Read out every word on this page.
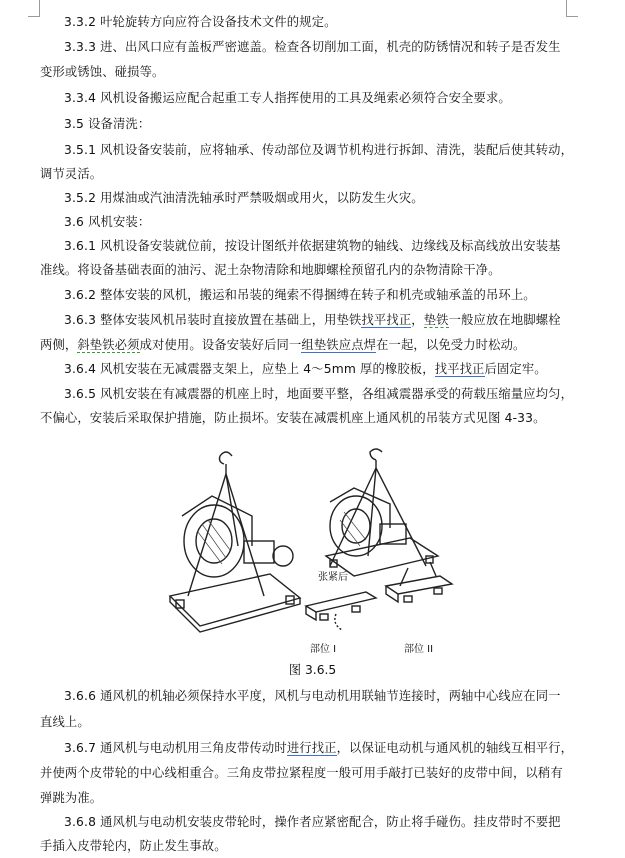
3.3.2 叶轮旋转方向应符合设备技术文件的规定。
3.3.3 进、出风口应有盖板严密遮盖。检查各切削加工面，机壳的防锈情况和转子是否发生
变形或锈蚀、碰损等。
3.3.4 风机设备搬运应配合起重工专人指挥使用的工具及绳索必须符合安全要求。
3.5 设备清洗：
3.5.1 风机设备安装前，应将轴承、传动部位及调节机构进行拆卸、清洗，装配后使其转动，
调节灵活。
3.5.2 用煤油或汽油清洗轴承时严禁吸烟或用火，以防发生火灾。
3.6 风机安装：
3.6.1 风机设备安装就位前，按设计图纸并依据建筑物的轴线、边缘线及标高线放出安装基
准线。将设备基础表面的油污、泥土杂物清除和地脚螺栓预留孔内的杂物清除干净。
3.6.2 整体安装的风机，搬运和吊装的绳索不得捆缚在转子和机壳或轴承盖的吊环上。
3.6.3 整体安装风机吊装时直接放置在基础上，用垫铁找平找正，垫铁一般应放在地脚螺栓
两侧，斜垫铁必须成对使用。设备安装好后同一组垫铁应点焊在一起，以免受力时松动。
3.6.4 风机安装在无减震器支架上，应垫上 4～5mm 厚的橡胶板，找平找正后固定牢。
3.6.5 风机安装在有减震器的机座上时，地面要平整，各组减震器承受的荷载压缩量应均匀，
不偏心，安装后采取保护措施，防止损坏。安装在减震机座上通风机的吊装方式见图 4-33。
张紧后
部位 I	部位 II
图 3.6.5
3.6.6 通风机的机轴必须保持水平度，风机与电动机用联轴节连接时，两轴中心线应在同一
直线上。
3.6.7 通风机与电动机用三角皮带传动时进行找正，以保证电动机与通风机的轴线互相平行，
并使两个皮带轮的中心线相重合。三角皮带拉紧程度一般可用手敲打已装好的皮带中间，以稍有
弹跳为准。
3.6.8 通风机与电动机安装皮带轮时，操作者应紧密配合，防止将手碰伤。挂皮带时不要把
手插入皮带轮内，防止发生事故。
